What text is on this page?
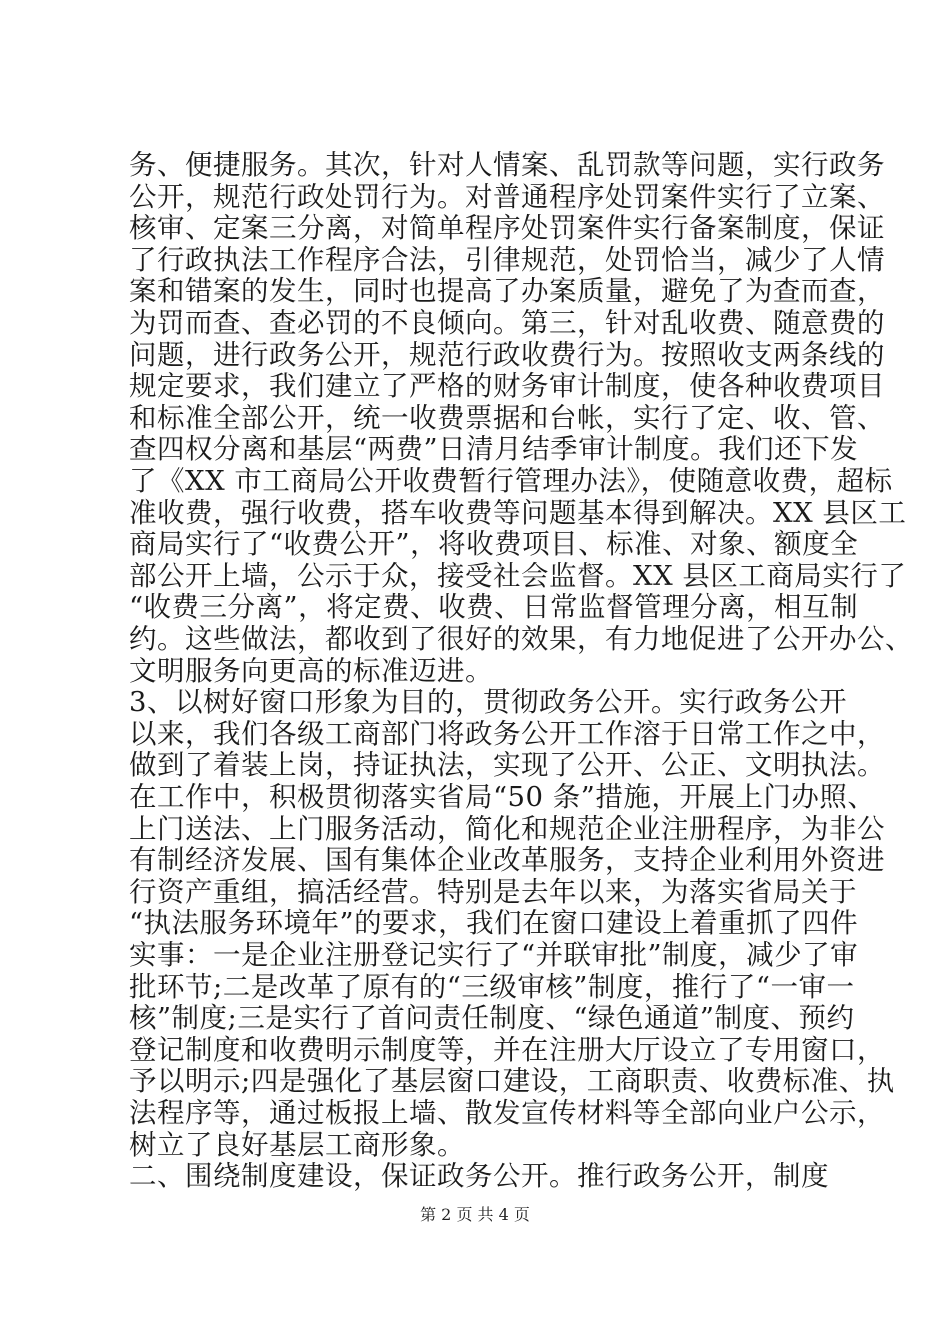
务、便捷服务。其次，针对人情案、乱罚款等问题，实行政务
公开，规范行政处罚行为。对普通程序处罚案件实行了立案、
核审、定案三分离，对简单程序处罚案件实行备案制度，保证
了行政执法工作程序合法，引律规范，处罚恰当，减少了人情
案和错案的发生，同时也提高了办案质量，避免了为查而查，
为罚而查、查必罚的不良倾向。第三，针对乱收费、随意费的
问题，进行政务公开，规范行政收费行为。按照收支两条线的
规定要求，我们建立了严格的财务审计制度，使各种收费项目
和标准全部公开，统一收费票据和台帐，实行了定、收、管、
查四权分离和基层“两费”日清月结季审计制度。我们还下发
了《XX 市工商局公开收费暂行管理办法》，使随意收费，超标
准收费，强行收费，搭车收费等问题基本得到解决。XX 县区工
商局实行了“收费公开”，将收费项目、标准、对象、额度全
部公开上墙，公示于众，接受社会监督。XX 县区工商局实行了
“收费三分离”，将定费、收费、日常监督管理分离，相互制
约。这些做法，都收到了很好的效果，有力地促进了公开办公、
文明服务向更高的标准迈进。
3、以树好窗口形象为目的，贯彻政务公开。实行政务公开
以来，我们各级工商部门将政务公开工作溶于日常工作之中，
做到了着装上岗，持证执法，实现了公开、公正、文明执法。
在工作中，积极贯彻落实省局“50 条”措施，开展上门办照、
上门送法、上门服务活动，简化和规范企业注册程序，为非公
有制经济发展、国有集体企业改革服务，支持企业利用外资进
行资产重组，搞活经营。特别是去年以来，为落实省局关于
“执法服务环境年”的要求，我们在窗口建设上着重抓了四件
实事：一是企业注册登记实行了“并联审批”制度，减少了审
批环节;二是改革了原有的“三级审核”制度，推行了“一审一
核”制度;三是实行了首问责任制度、“绿色通道”制度、预约
登记制度和收费明示制度等，并在注册大厅设立了专用窗口，
予以明示;四是强化了基层窗口建设，工商职责、收费标准、执
法程序等，通过板报上墙、散发宣传材料等全部向业户公示，
树立了良好基层工商形象。
二、围绕制度建设，保证政务公开。推行政务公开，制度
第 2 页 共 4 页
